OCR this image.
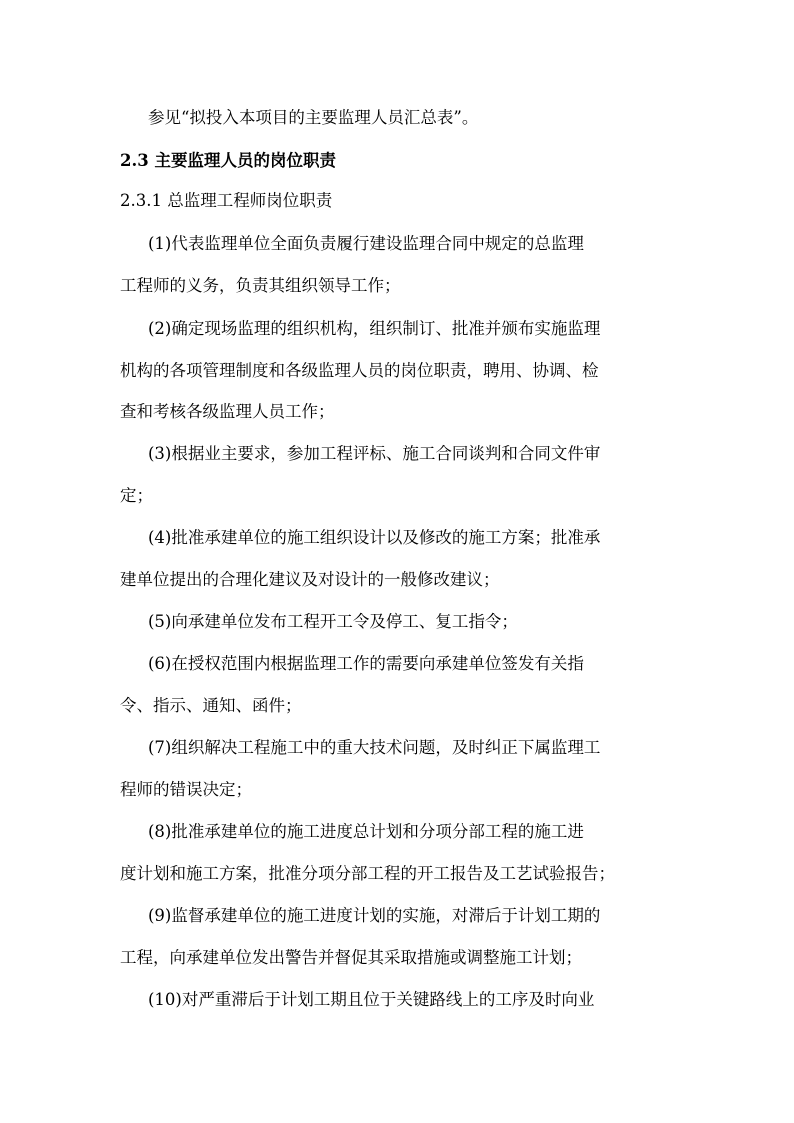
参见“拟投入本项目的主要监理人员汇总表”。
2.3 主要监理人员的岗位职责
2.3.1 总监理工程师岗位职责
(1)代表监理单位全面负责履行建设监理合同中规定的总监理
工程师的义务，负责其组织领导工作；
(2)确定现场监理的组织机构，组织制订、批准并颁布实施监理
机构的各项管理制度和各级监理人员的岗位职责，聘用、协调、检
查和考核各级监理人员工作；
(3)根据业主要求，参加工程评标、施工合同谈判和合同文件审
定；
(4)批准承建单位的施工组织设计以及修改的施工方案；批准承
建单位提出的合理化建议及对设计的一般修改建议；
(5)向承建单位发布工程开工令及停工、复工指令；
(6)在授权范围内根据监理工作的需要向承建单位签发有关指
令、指示、通知、函件；
(7)组织解决工程施工中的重大技术问题，及时纠正下属监理工
程师的错误决定；
(8)批准承建单位的施工进度总计划和分项分部工程的施工进
度计划和施工方案，批准分项分部工程的开工报告及工艺试验报告；
(9)监督承建单位的施工进度计划的实施，对滞后于计划工期的
工程，向承建单位发出警告并督促其采取措施或调整施工计划；
(10)对严重滞后于计划工期且位于关键路线上的工序及时向业
